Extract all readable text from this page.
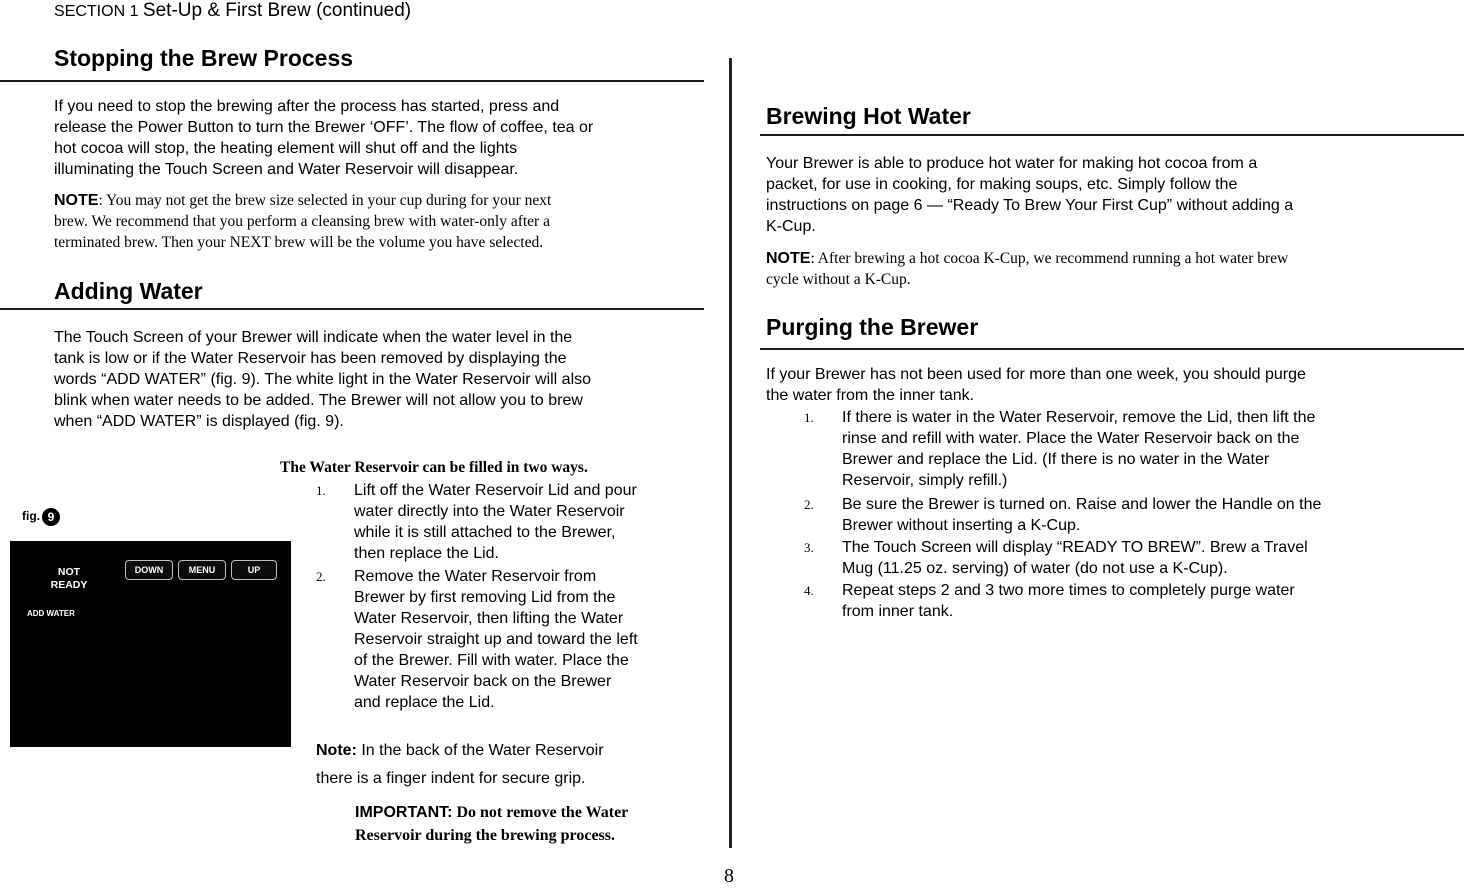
SECTION 1 Set-Up & First Brew (continued)
Stopping the Brew Process
If you need to stop the brewing after the process has started, press and
release the Power Button to turn the Brewer ‘OFF’. The flow of coffee, tea or
hot cocoa will stop, the heating element will shut off and the lights
illuminating the Touch Screen and Water Reservoir will disappear.
NOTE: You may not get the brew size selected in your cup during for your next
brew. We recommend that you perform a cleansing brew with water-only after a
terminated brew. Then your NEXT brew will be the volume you have selected.
Adding Water
The Touch Screen of your Brewer will indicate when the water level in the
tank is low or if the Water Reservoir has been removed by displaying the
words “ADD WATER” (fig. 9). The white light in the Water Reservoir will also
blink when water needs to be added. The Brewer will not allow you to brew
when “ADD WATER” is displayed (fig. 9).
The Water Reservoir can be filled in two ways.
1. Lift off the Water Reservoir Lid and pour
water directly into the Water Reservoir
while it is still attached to the Brewer,
then replace the Lid.
2. Remove the Water Reservoir from
Brewer by first removing Lid from the
Water Reservoir, then lifting the Water
Reservoir straight up and toward the left
of the Brewer. Fill with water. Place the
Water Reservoir back on the Brewer
and replace the Lid.
Note: In the back of the Water Reservoir
there is a finger indent for secure grip.
IMPORTANT: Do not remove the Water
Reservoir during the brewing process.
fig. 9
NOT
READY
ADD WATER
DOWN	MENU	UP
Brewing Hot Water
Your Brewer is able to produce hot water for making hot cocoa from a
packet, for use in cooking, for making soups, etc. Simply follow the
instructions on page 6 — “Ready To Brew Your First Cup” without adding a
K-Cup.
NOTE: After brewing a hot cocoa K-Cup, we recommend running a hot water brew
cycle without a K-Cup.
Purging the Brewer
If your Brewer has not been used for more than one week, you should purge
the water from the inner tank.
1. If there is water in the Water Reservoir, remove the Lid, then lift the
rinse and refill with water. Place the Water Reservoir back on the
Brewer and replace the Lid. (If there is no water in the Water
Reservoir, simply refill.)
2. Be sure the Brewer is turned on. Raise and lower the Handle on the
Brewer without inserting a K-Cup.
3. The Touch Screen will display “READY TO BREW”. Brew a Travel
Mug (11.25 oz. serving) of water (do not use a K-Cup).
4. Repeat steps 2 and 3 two more times to completely purge water
from inner tank.
8
